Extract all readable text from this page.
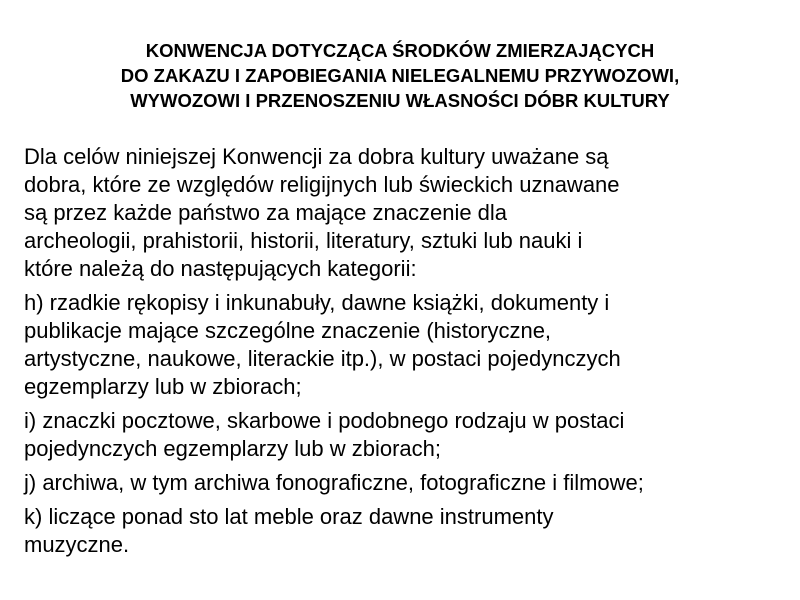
KONWENCJA DOTYCZĄCA ŚRODKÓW ZMIERZAJĄCYCH
DO ZAKAZU I ZAPOBIEGANIA NIELEGALNEMU PRZYWOZOWI,
WYWOZOWI I PRZENOSZENIU WŁASNOŚCI DÓBR KULTURY

Dla celów niniejszej Konwencji za dobra kultury uważane są
dobra, które ze względów religijnych lub świeckich uznawane
są przez każde państwo za mające znaczenie dla
archeologii, prahistorii, historii, literatury, sztuki lub nauki i
które należą do następujących kategorii:

h) rzadkie rękopisy i inkunabuły, dawne książki, dokumenty i
publikacje mające szczególne znaczenie (historyczne,
artystyczne, naukowe, literackie itp.), w postaci pojedynczych
egzemplarzy lub w zbiorach;

i) znaczki pocztowe, skarbowe i podobnego rodzaju w postaci
pojedynczych egzemplarzy lub w zbiorach;

j) archiwa, w tym archiwa fonograficzne, fotograficzne i filmowe;

k) liczące ponad sto lat meble oraz dawne instrumenty
muzyczne.
